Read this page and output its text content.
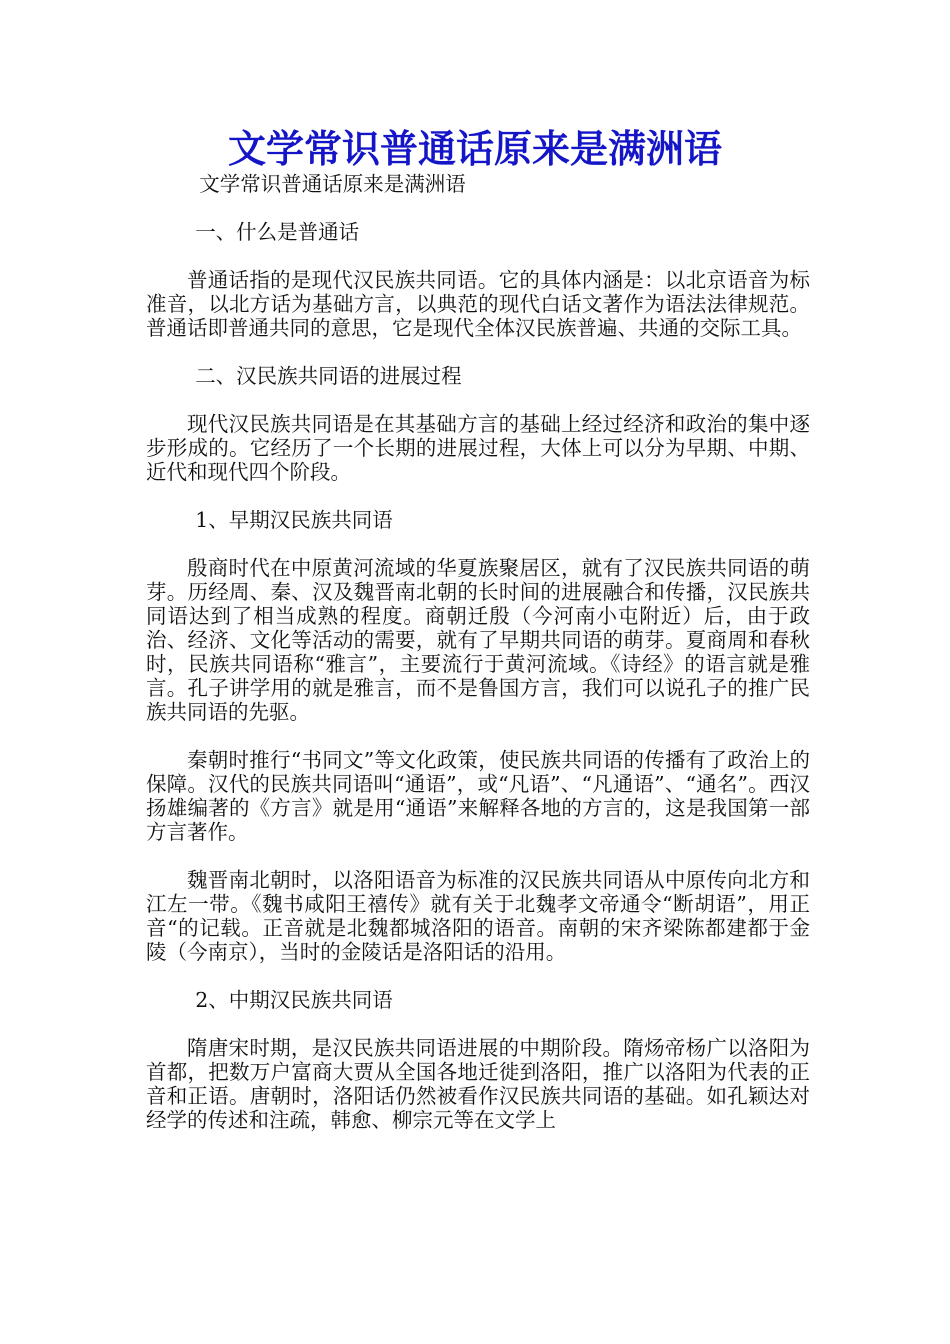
文学常识普通话原来是满洲语

文学常识普通话原来是满洲语

一、什么是普通话

普通话指的是现代汉民族共同语。它的具体内涵是：以北京语音为标准音，以北方话为基础方言，以典范的现代白话文著作为语法法律规范。普通话即普通共同的意思，它是现代全体汉民族普遍、共通的交际工具。

二、汉民族共同语的进展过程

现代汉民族共同语是在其基础方言的基础上经过经济和政治的集中逐步形成的。它经历了一个长期的进展过程，大体上可以分为早期、中期、近代和现代四个阶段。

1、早期汉民族共同语

殷商时代在中原黄河流域的华夏族聚居区，就有了汉民族共同语的萌芽。历经周、秦、汉及魏晋南北朝的长时间的进展融合和传播，汉民族共同语达到了相当成熟的程度。商朝迁殷（今河南小屯附近）后，由于政治、经济、文化等活动的需要，就有了早期共同语的萌芽。夏商周和春秋时，民族共同语称“雅言”，主要流行于黄河流域。《诗经》的语言就是雅言。孔子讲学用的就是雅言，而不是鲁国方言，我们可以说孔子的推广民族共同语的先驱。

秦朝时推行“书同文”等文化政策，使民族共同语的传播有了政治上的保障。汉代的民族共同语叫“通语”，或“凡语”、“凡通语”、“通名”。西汉扬雄编著的《方言》就是用“通语”来解释各地的方言的，这是我国第一部方言著作。

魏晋南北朝时，以洛阳语音为标准的汉民族共同语从中原传向北方和江左一带。《魏书咸阳王禧传》就有关于北魏孝文帝通令“断胡语”，用正音“的记载。正音就是北魏都城洛阳的语音。南朝的宋齐梁陈都建都于金陵（今南京），当时的金陵话是洛阳话的沿用。

2、中期汉民族共同语

隋唐宋时期，是汉民族共同语进展的中期阶段。隋炀帝杨广以洛阳为首都，把数万户富商大贾从全国各地迁徙到洛阳，推广以洛阳为代表的正音和正语。唐朝时，洛阳话仍然被看作汉民族共同语的基础。如孔颖达对经学的传述和注疏，韩愈、柳宗元等在文学上
